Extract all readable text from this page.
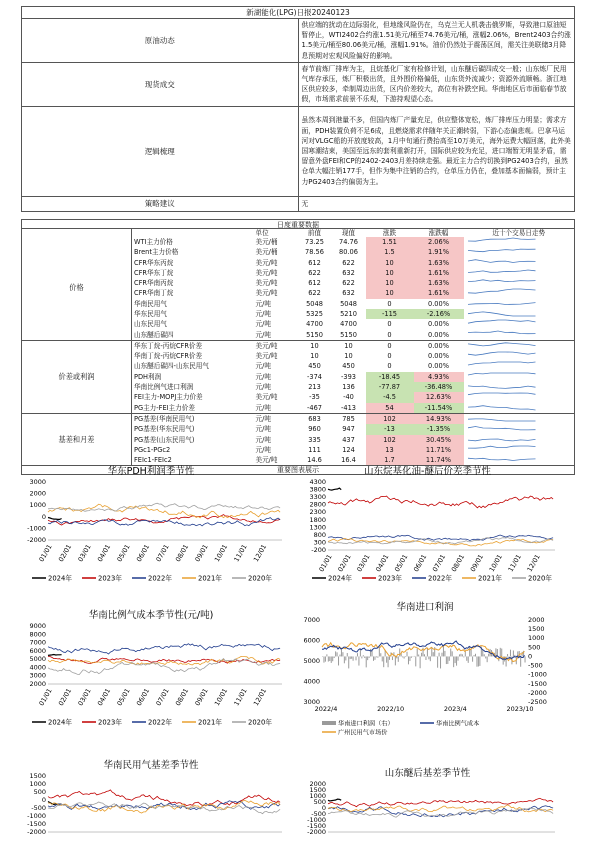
新湖能化(LPG)日报20240123	
原油动态	供应端的扰动在边际弱化，但地缘风险仍在，乌克兰无人机袭击俄罗斯，导致港口原油短暂停止，WTI2402合约涨1.51美元/桶至74.76美元/桶，涨幅2.06%，Brent2403合约涨1.5美元/桶至80.06美元/桶，涨幅1.91%。油价仍然处于震荡区间，需关注美联储3月降息预期对宏观风险偏好的影响。
现货成交	春节前炼厂排库为主，且烷基化厂家有检修计划，山东醚后碳四成交一般；山东炼厂民用气库存承压，炼厂积极出货，且外围价格偏低，山东货外流减少；资源外流顺畅。浙江地区供应较多，牵制周边出货，区内价差较大，高位有补跌空间。华南地区后市面临春节放假，市场需求前景不乐观，下游持观望心态。
逻辑梳理	虽然本周到港量不多，但国内炼厂产量充足，供应整体宽松，炼厂排库压力明显；需求方面，PDH装置负荷不足6成，且燃烧需求伴随年关正潮转弱，下游心态偏悲观。巴拿马运河对VLGC船的开放度较高，1月中旬通行费抬高至10万美元，海外运费大幅回落，此外美国寒潮结束，美国至远东的套利重新打开，国际供应较为充足，进口端暂无明显矛盾，需留意外盘FEI和CP的2402-2403月差持续走强。最近主力合约切换到PG2403合约，虽然仓单大幅注销177手，但作为集中注销的合约，仓单压力仍在，叠加基本面偏弱，预计主力PG2403合约偏弱为主。
策略建议	无
日度重要数据
		单位	前值	现值	涨跌	涨跌幅	近十个交易日走势
价格	WTI主力价格	美元/桶	73.25	74.76	1.51	2.06%	
	Brent主力价格	美元/桶	78.56	80.06	1.5	1.91%	
	CFR华东丙烷	美元/吨	612	622	10	1.63%	
	CFR华东丁烷	美元/吨	622	632	10	1.61%	
	CFR华南丙烷	美元/吨	612	622	10	1.63%	
	CFR华南丁烷	美元/吨	622	632	10	1.61%	
	华南民用气	元/吨	5048	5048	0	0.00%	
	华东民用气	元/吨	5325	5210	-115	-2.16%	
	山东民用气	元/吨	4700	4700	0	0.00%	
	山东醚后碳四	元/吨	5150	5150	0	0.00%	
价差或利润	华东丁烷-丙烷CFR价差	美元/吨	10	10	0	0.00%	
	华南丁烷-丙烷CFR价差	美元/吨	10	10	0	0.00%	
	山东醚后碳四-山东民用气	元/吨	450	450	0	0.00%	
	PDH利润	元/吨	-374	-393	-18.45	4.93%	
	华南比例气进口利润	元/吨	213	136	-77.87	-36.48%	
	FEI主力-MOPJ主力价差	美元/吨	-35	-40	-4.5	12.63%	
	PG主力-FEI主力价差	元/吨	-467	-413	54	-11.54%	
基差和月差	PG基差(华南民用气)	元/吨	683	785	102	14.93%	
	PG基差(华东民用气)	元/吨	960	947	-13	-1.35%	
	PG基差(山东民用气)	元/吨	335	437	102	30.45%	
	PGc1-PGc2	元/吨	111	124	13	11.71%	
	FEIc1-FEIc2	美元/吨	14.6	16.4	1.7	11.74%	
重要图表展示
华东PDH利润季节性
3000
2000
1000
0
-1000
-2000
01/01 02/01 03/01 04/01 05/01 06/01 07/01 08/01 09/01 10/01 11/01 12/01
2024年	2023年	2022年	2021年	2020年
山东烷基化油-醚后价差季节性
4300
3800
3300
2800
2300
1800
1300
800
300
-200
01/01 02/01 03/01 04/01 05/01 06/01 07/01 08/01 09/01 10/01 11/01 12/01
2024年	2023年	2022年	2021年	2020年
华南比例气成本季节性(元/吨)
9000
8000
7000
6000
5000
4000
3000
2000
01/01 02/01 03/01 04/01 05/01 06/01 07/01 08/01 09/01 10/01 11/01 12/01
2024年	2023年	2022年	2021年	2020年
华南民用气基差季节性
1500
1000
500
0
-500
-1000
-1500
-2000
山东醚后基差季节性
2000
1500
1000
500
0
-500
-1000
-1500
-2000
华南进口利润
7000
6000
5000
4000
3000
2000
1500
1000
500
0
-500
-1000
-1500
-2000
-2500
2022/4	2022/10	2023/4	2023/10
华南进口利润（右）	华南比例气成本
广州民用气市场价
